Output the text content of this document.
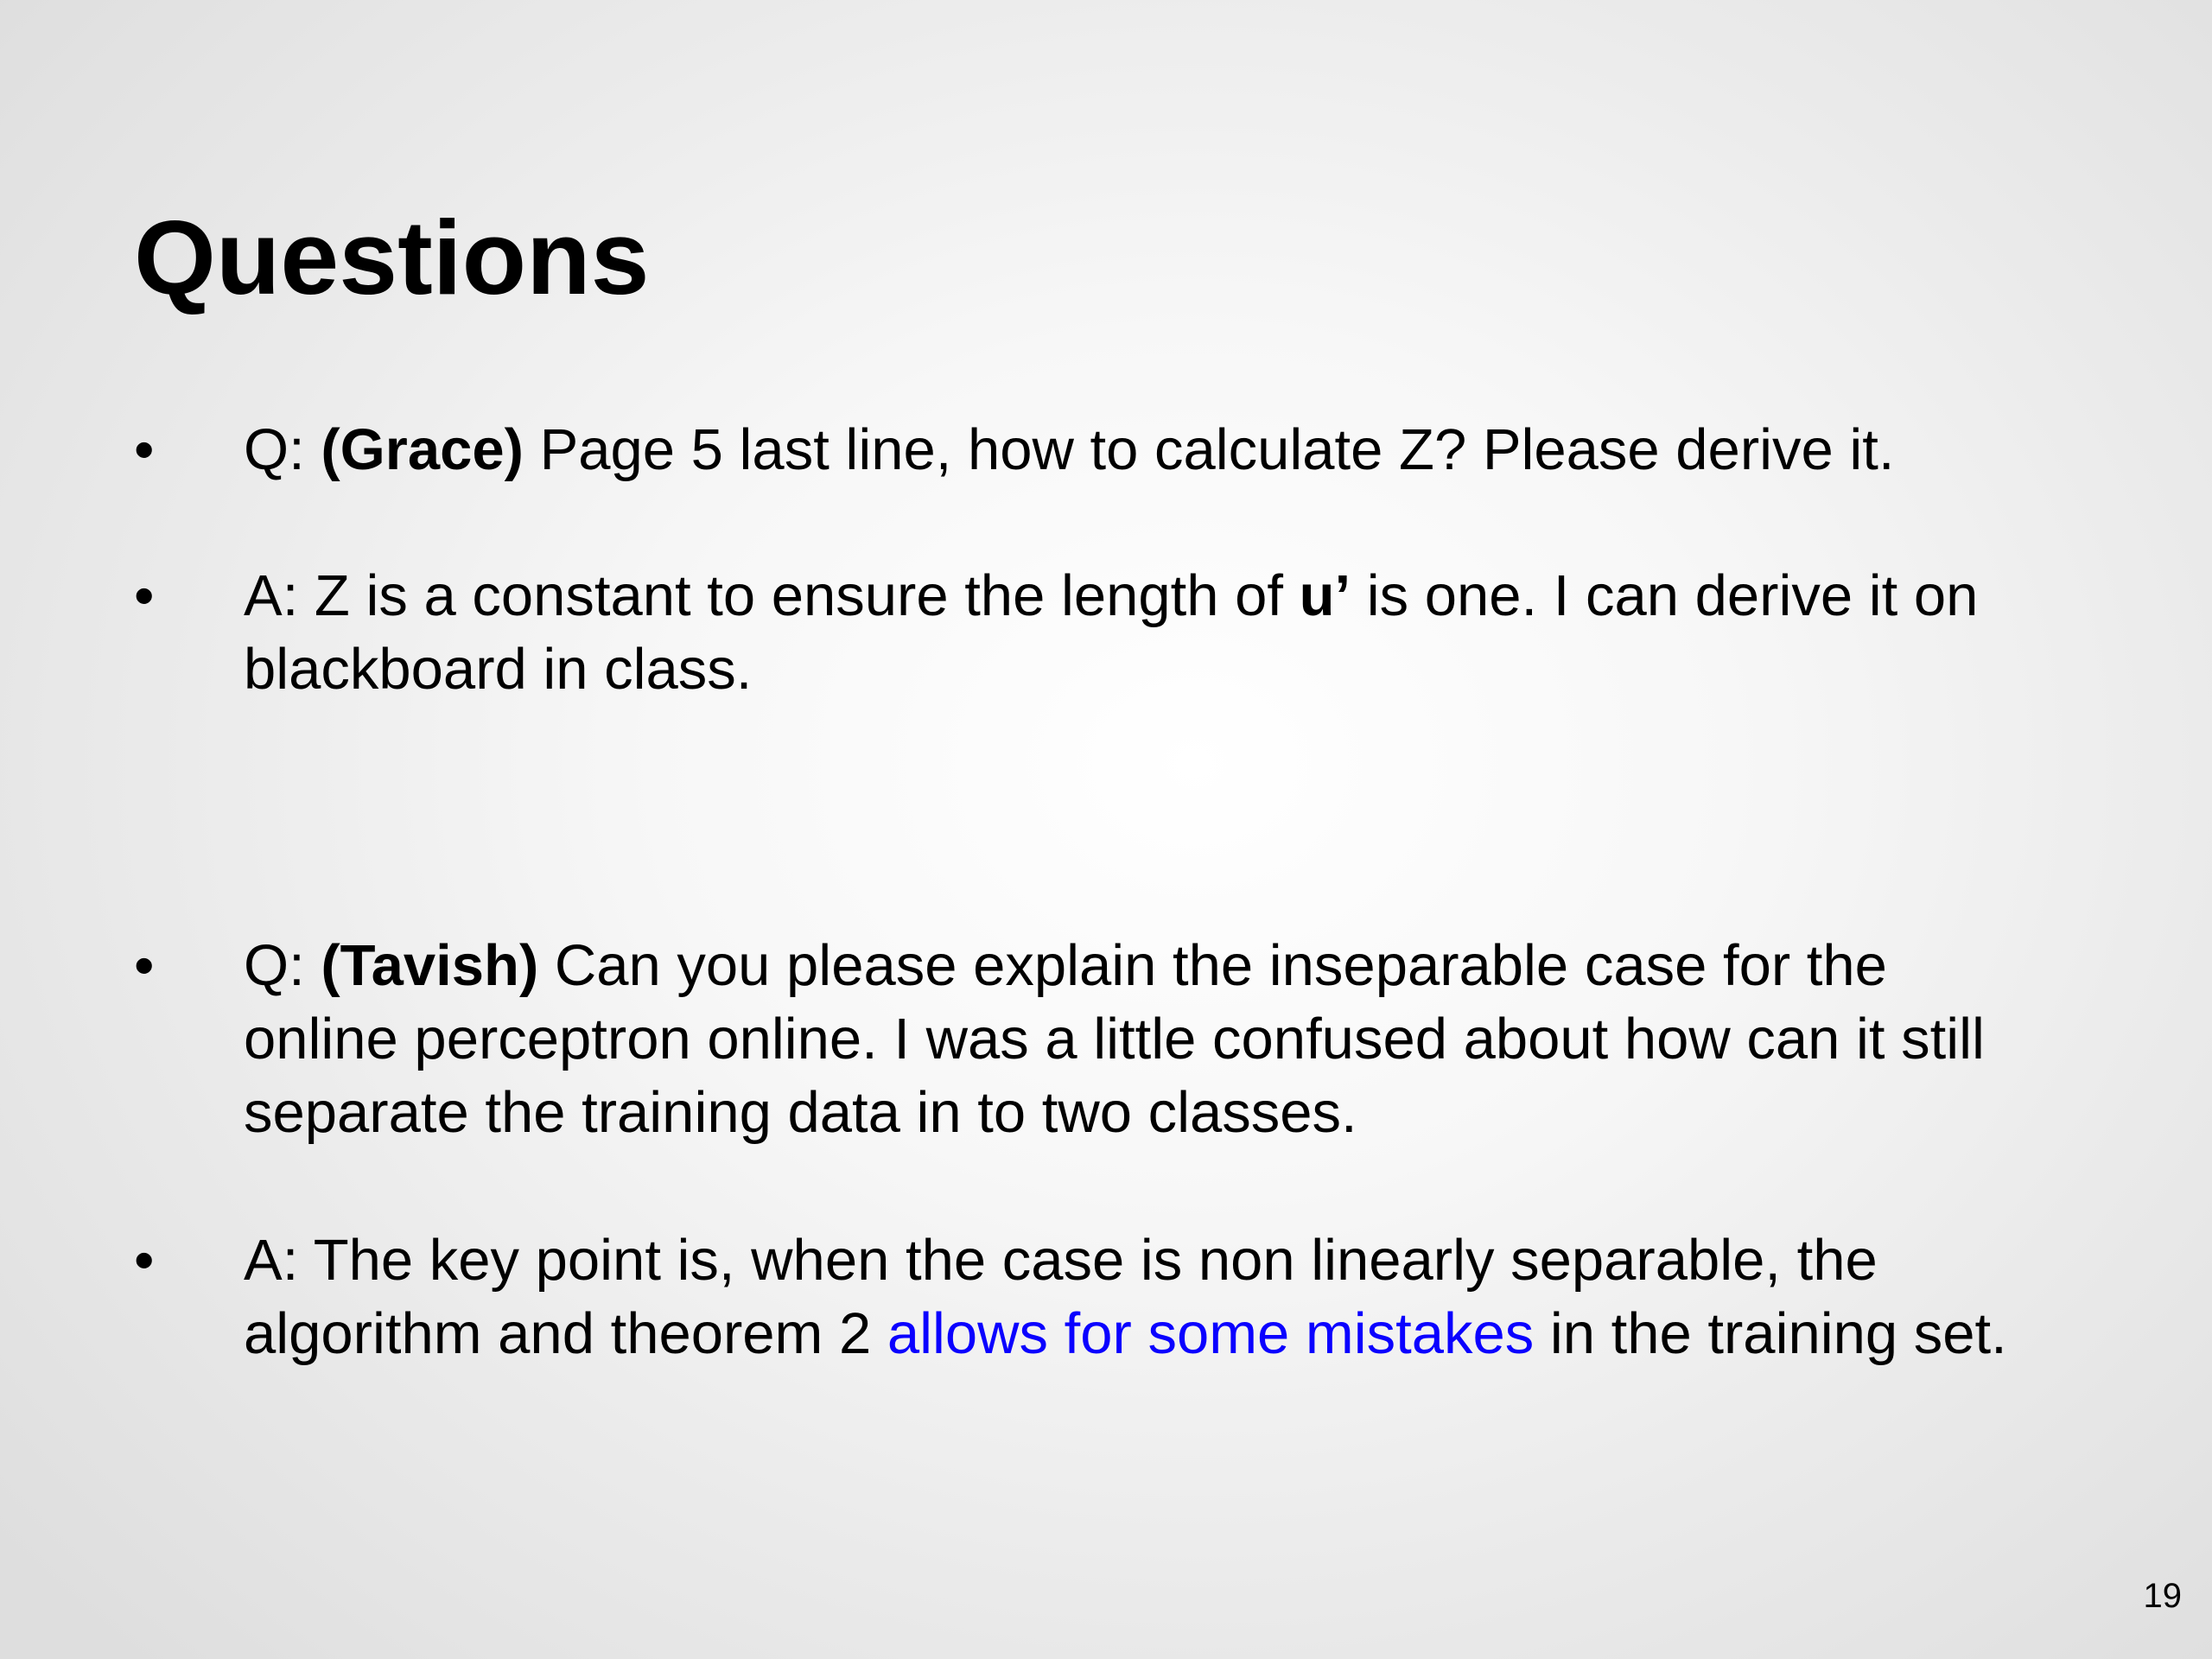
Questions
• Q: (Grace) Page 5 last line, how to calculate Z? Please derive it.
• A: Z is a constant to ensure the length of u’ is one. I can derive it on blackboard in class.
• Q: (Tavish) Can you please explain the inseparable case for the online perceptron online. I was a little confused about how can it still separate the training data in to two classes.
• A: The key point is, when the case is non linearly separable, the algorithm and theorem 2 allows for some mistakes in the training set.
19
